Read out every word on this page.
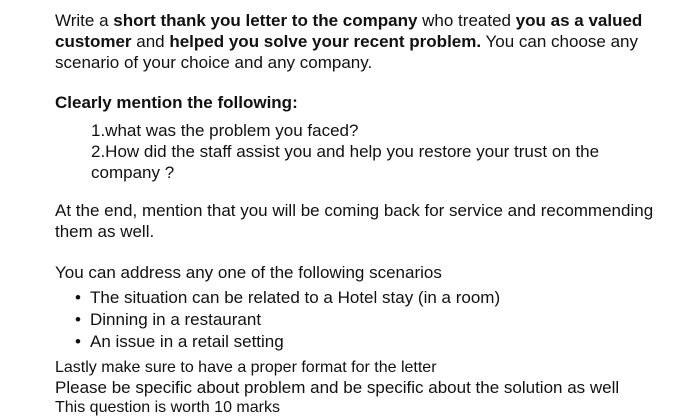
Write a short thank you letter to the company who treated you as a valued customer and helped you solve your recent problem. You can choose any scenario of your choice and any company.

Clearly mention the following:

1.what was the problem you faced?
2.How did the staff assist you and help you restore your trust on the company ?

At the end, mention that you will be coming back for service and recommending them as well.

You can address any one of the following scenarios

• The situation can be related to a Hotel stay (in a room)
• Dinning in a restaurant
• An issue in a retail setting

Lastly make sure to have a proper format for the letter

Please be specific about problem and be specific about the solution as well

This question is worth 10 marks
